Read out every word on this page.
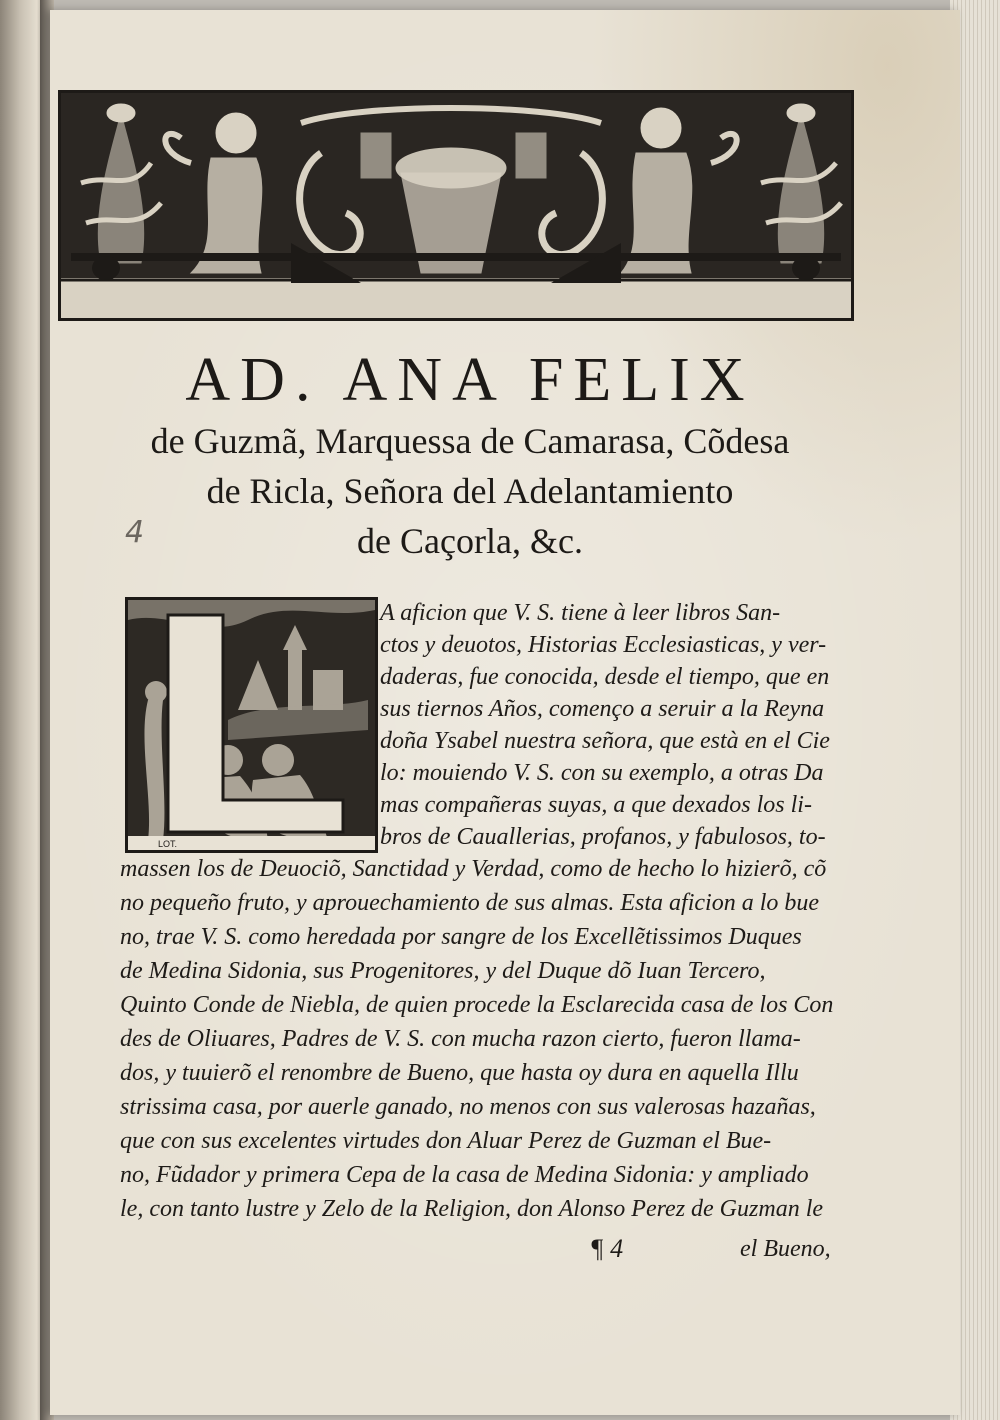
AD. ANA FELIX

de Guzmã, Marquessa de Camarasa, Cõdesa

de Ricla, Señora del Adelantamiento

de Caçorla, &c.

4
LOT.

A aficion que V. S. tiene à leer libros San-

ctos y deuotos, Historias Ecclesiasticas, y ver-

daderas, fue conocida, desde el tiempo, que en

sus tiernos Años, començo a seruir a la Reyna

doña Ysabel nuestra señora, que està en el Cie

lo: mouiendo V. S. con su exemplo, a otras Da

mas compañeras suyas, a que dexados los li-

bros de Cauallerias, profanos, y fabulosos, to-

massen los de Deuociõ, Sanctidad y Verdad, como de hecho lo hizierõ, cõ

no pequeño fruto, y aprouechamiento de sus almas. Esta aficion a lo bue

no, trae V. S. como heredada por sangre de los Excellẽtissimos Duques

de Medina Sidonia, sus Progenitores, y del Duque dõ Iuan Tercero,

Quinto Conde de Niebla, de quien procede la Esclarecida casa de los Con

des de Oliuares, Padres de V. S. con mucha razon cierto, fueron llama-

dos, y tuuierõ el renombre de Bueno, que hasta oy dura en aquella Illu

strissima casa, por auerle ganado, no menos con sus valerosas hazañas,

que con sus excelentes virtudes don Aluar Perez de Guzman el Bue-

no, Fũdador y primera Cepa de la casa de Medina Sidonia: y ampliado

le, con tanto lustre y Zelo de la Religion, don Alonso Perez de Guzman le

¶ 4	el Bueno,
